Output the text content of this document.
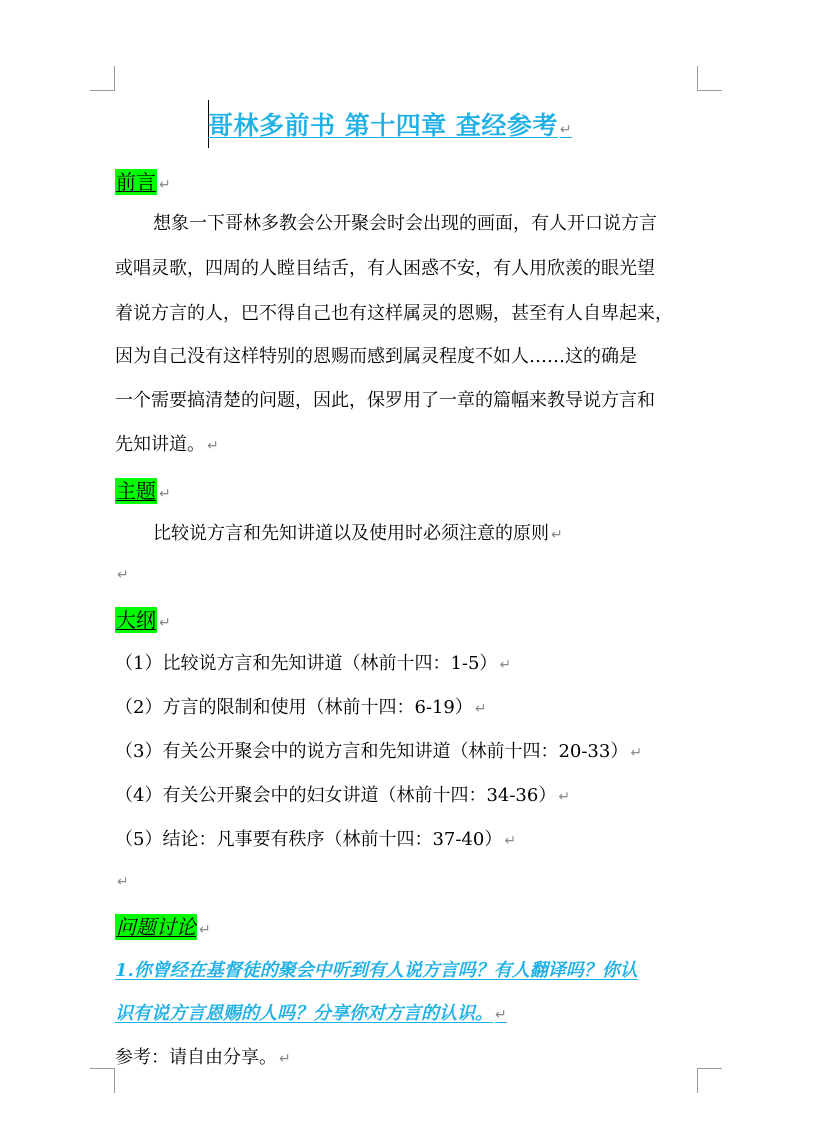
哥林多前书 第十四章 查经参考 ↵
前言 ↵
想象一下哥林多教会公开聚会时会出现的画面，有人开口说方言
或唱灵歌，四周的人瞠目结舌，有人困惑不安，有人用欣羡的眼光望
着说方言的人，巴不得自己也有这样属灵的恩赐，甚至有人自卑起来，
因为自己没有这样特别的恩赐而感到属灵程度不如人……这的确是
一个需要搞清楚的问题，因此，保罗用了一章的篇幅来教导说方言和
先知讲道。 ↵
主题 ↵
比较说方言和先知讲道以及使用时必须注意的原则 ↵
↵
大纲 ↵
（1）比较说方言和先知讲道（林前十四：1-5） ↵
（2）方言的限制和使用（林前十四：6-19） ↵
（3）有关公开聚会中的说方言和先知讲道（林前十四：20-33） ↵
（4）有关公开聚会中的妇女讲道（林前十四：34-36） ↵
（5）结论：凡事要有秩序（林前十四：37-40） ↵
↵
问题讨论 ↵
1.你曾经在基督徒的聚会中听到有人说方言吗？有人翻译吗？你认
识有说方言恩赐的人吗？分享你对方言的认识。 ↵
参考：请自由分享。 ↵
